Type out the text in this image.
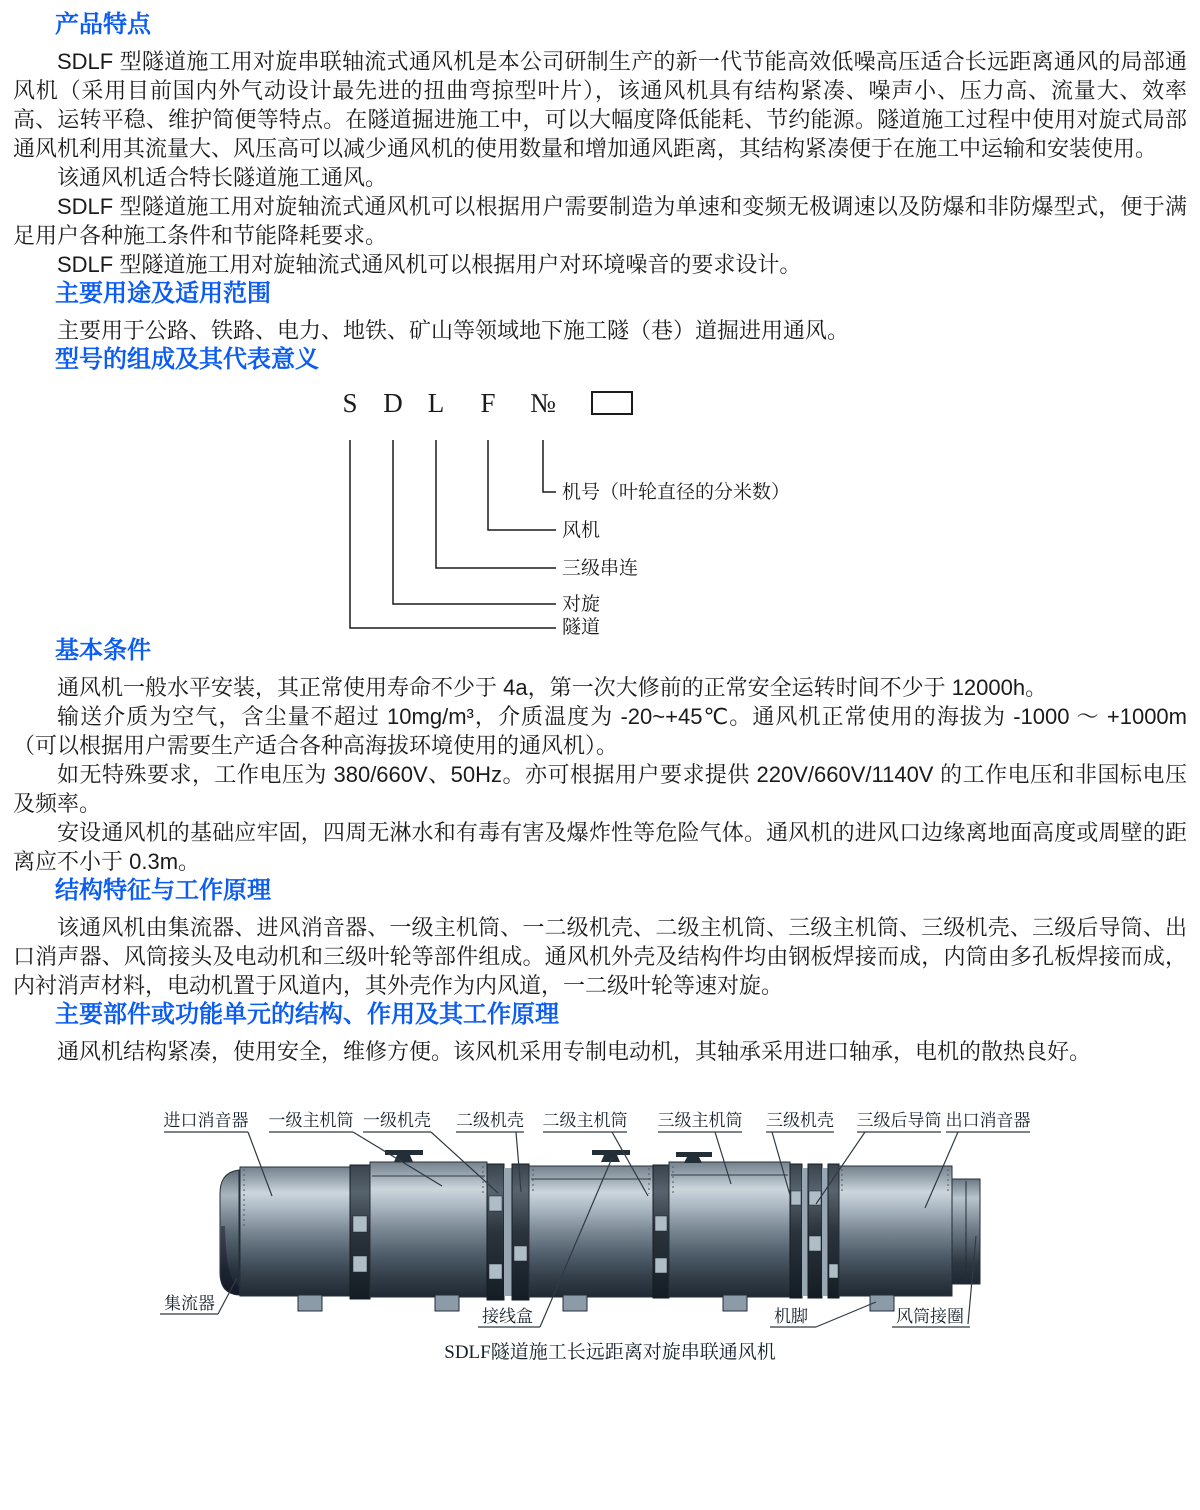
产品特点

SDLF 型隧道施工用对旋串联轴流式通风机是本公司研制生产的新一代节能高效低噪高压适合长远距离通风的局部通风机（采用目前国内外气动设计最先进的扭曲弯掠型叶片），该通风机具有结构紧凑、噪声小、压力高、流量大、效率高、运转平稳、维护简便等特点。在隧道掘进施工中，可以大幅度降低能耗、节约能源。隧道施工过程中使用对旋式局部通风机利用其流量大、风压高可以减少通风机的使用数量和增加通风距离，其结构紧凑便于在施工中运输和安装使用。

该通风机适合特长隧道施工通风。

SDLF 型隧道施工用对旋轴流式通风机可以根据用户需要制造为单速和变频无极调速以及防爆和非防爆型式，便于满足用户各种施工条件和节能降耗要求。

SDLF 型隧道施工用对旋轴流式通风机可以根据用户对环境噪音的要求设计。

主要用途及适用范围

主要用于公路、铁路、电力、地铁、矿山等领域地下施工隧（巷）道掘进用通风。

型号的组成及其代表意义
S D L F №
机号（叶轮直径的分米数）
风机
三级串连
对旋
隧道
基本条件

通风机一般水平安装，其正常使用寿命不少于 4a，第一次大修前的正常安全运转时间不少于 12000h。

输送介质为空气，含尘量不超过 10mg/m³，介质温度为 -20~+45℃。通风机正常使用的海拔为 -1000 ～ +1000m（可以根据用户需要生产适合各种高海拔环境使用的通风机）。

如无特殊要求，工作电压为 380/660V、50Hz。亦可根据用户要求提供 220V/660V/1140V 的工作电压和非国标电压及频率。

安设通风机的基础应牢固，四周无淋水和有毒有害及爆炸性等危险气体。通风机的进风口边缘离地面高度或周壁的距离应不小于 0.3m。

结构特征与工作原理

该通风机由集流器、进风消音器、一级主机筒、一二级机壳、二级主机筒、三级主机筒、三级机壳、三级后导筒、出口消声器、风筒接头及电动机和三级叶轮等部件组成。通风机外壳及结构件均由钢板焊接而成，内筒由多孔板焊接而成，内衬消声材料，电动机置于风道内，其外壳作为内风道，一二级叶轮等速对旋。

主要部件或功能单元的结构、作用及其工作原理

通风机结构紧凑，使用安全，维修方便。该风机采用专制电动机，其轴承采用进口轴承，电机的散热良好。

进口消音器 一级主机筒 一级机壳 二级机壳 二级主机筒 三级主机筒 三级机壳 三级后导筒 出口消音器
集流器
接线盒	机脚	风筒接圈
SDLF隧道施工长远距离对旋串联通风机
